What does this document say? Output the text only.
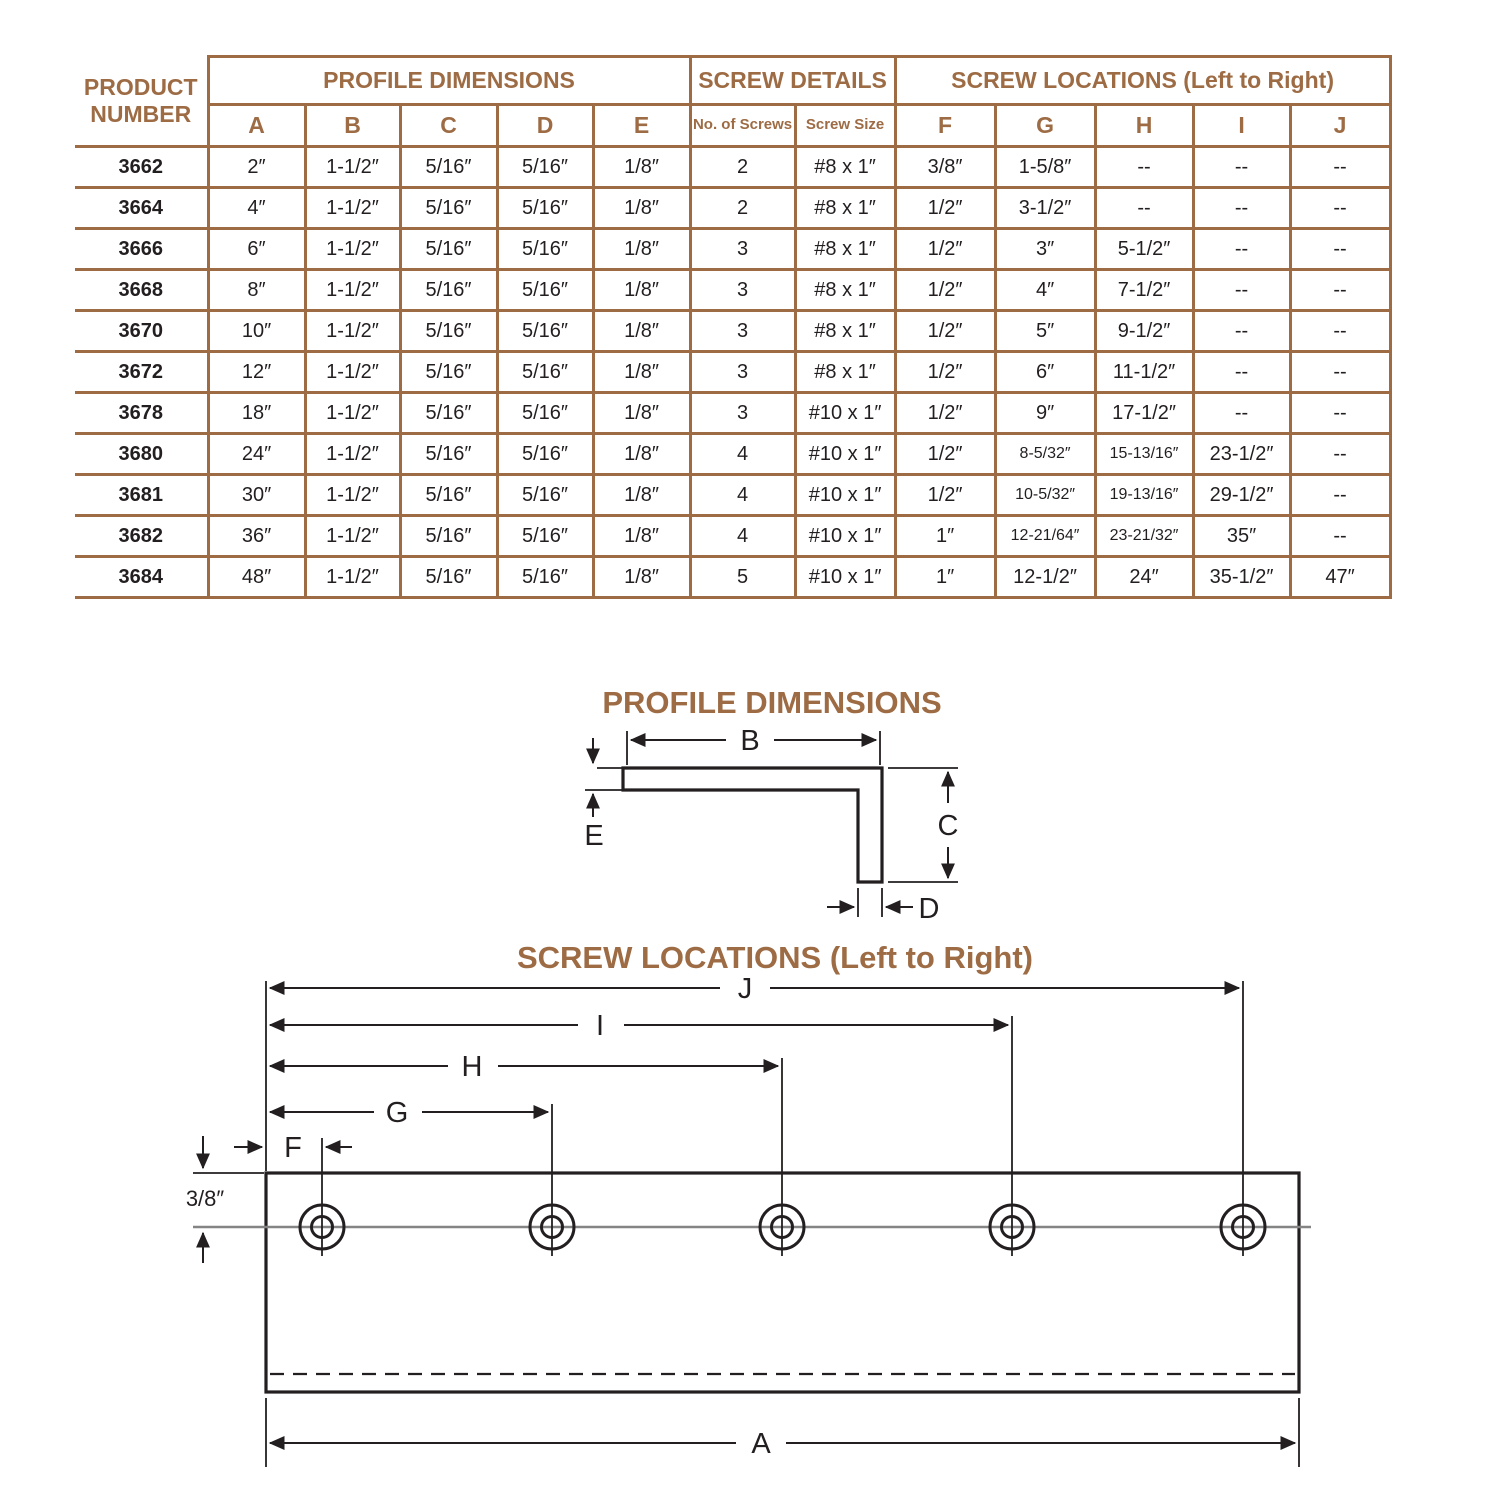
PRODUCT NUMBER	PROFILE DIMENSIONS					SCREW DETAILS		SCREW LOCATIONS (Left to Right)				
	A	B	C	D	E	No. of Screws	Screw Size	F	G	H	I	J
3662	2″	1-1/2″	5/16″	5/16″	1/8″	2	#8 x 1″	3/8″	1-5/8″	--	--	--
3664	4″	1-1/2″	5/16″	5/16″	1/8″	2	#8 x 1″	1/2″	3-1/2″	--	--	--
3666	6″	1-1/2″	5/16″	5/16″	1/8″	3	#8 x 1″	1/2″	3″	5-1/2″	--	--
3668	8″	1-1/2″	5/16″	5/16″	1/8″	3	#8 x 1″	1/2″	4″	7-1/2″	--	--
3670	10″	1-1/2″	5/16″	5/16″	1/8″	3	#8 x 1″	1/2″	5″	9-1/2″	--	--
3672	12″	1-1/2″	5/16″	5/16″	1/8″	3	#8 x 1″	1/2″	6″	11-1/2″	--	--
3678	18″	1-1/2″	5/16″	5/16″	1/8″	3	#10 x 1″	1/2″	9″	17-1/2″	--	--
3680	24″	1-1/2″	5/16″	5/16″	1/8″	4	#10 x 1″	1/2″	8-5/32″	15-13/16″	23-1/2″	--
3681	30″	1-1/2″	5/16″	5/16″	1/8″	4	#10 x 1″	1/2″	10-5/32″	19-13/16″	29-1/2″	--
3682	36″	1-1/2″	5/16″	5/16″	1/8″	4	#10 x 1″	1″	12-21/64″	23-21/32″	35″	--
3684	48″	1-1/2″	5/16″	5/16″	1/8″	5	#10 x 1″	1″	12-1/2″	24″	35-1/2″	47″
PROFILE DIMENSIONS
B
E	C
D
SCREW LOCATIONS (Left to Right)
J
I
H
G
F
3/8″
A
